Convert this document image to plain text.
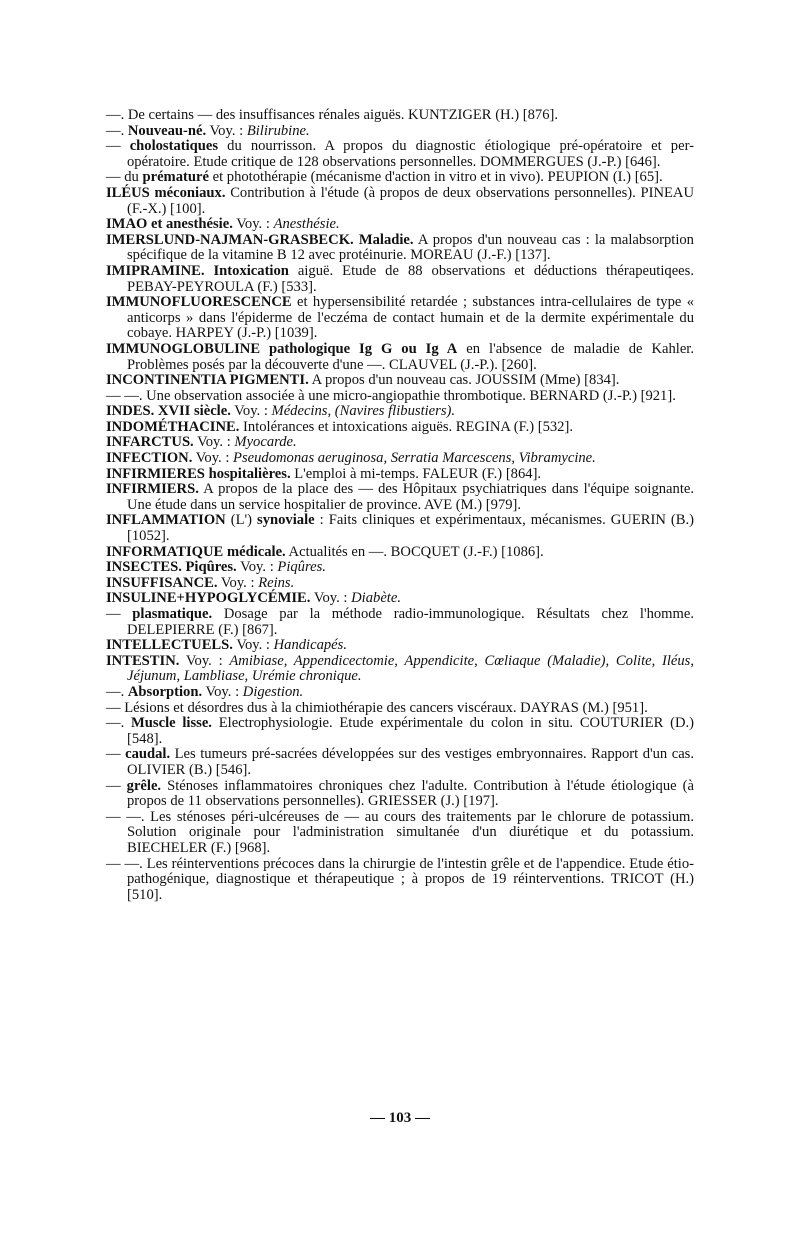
—. De certains — des insuffisances rénales aiguës. KUNTZIGER (H.) [876].

—. Nouveau-né. Voy. : Bilirubine.

— cholostatiques du nourrisson. A propos du diagnostic étiologique pré-opératoire et per-opératoire. Etude critique de 128 observations personnelles. DOMMERGUES (J.-P.) [646].

— du prématuré et photothérapie (mécanisme d'action in vitro et in vivo). PEUPION (I.) [65].

ILÉUS méconiaux. Contribution à l'étude (à propos de deux observations personnelles). PINEAU (F.-X.) [100].

IMAO et anesthésie. Voy. : Anesthésie.

IMERSLUND-NAJMAN-GRASBECK. Maladie. A propos d'un nouveau cas : la malabsorption spécifique de la vitamine B 12 avec protéinurie. MOREAU (J.-F.) [137].

IMIPRAMINE. Intoxication aiguë. Etude de 88 observations et déductions thérapeutiqees. PEBAY-PEYROULA (F.) [533].

IMMUNOFLUORESCENCE et hypersensibilité retardée ; substances intra-cellulaires de type « anticorps » dans l'épiderme de l'eczéma de contact humain et de la dermite expérimentale du cobaye. HARPEY (J.-P.) [1039].

IMMUNOGLOBULINE pathologique Ig G ou Ig A en l'absence de maladie de Kahler. Problèmes posés par la découverte d'une —. CLAUVEL (J.-P.). [260].

INCONTINENTIA PIGMENTI. A propos d'un nouveau cas. JOUSSIM (Mme) [834].

— —. Une observation associée à une micro-angiopathie thrombotique. BERNARD (J.-P.) [921].

INDES. XVII siècle. Voy. : Médecins, (Navires flibustiers).

INDOMÉTHACINE. Intolérances et intoxications aiguës. REGINA (F.) [532].

INFARCTUS. Voy. : Myocarde.

INFECTION. Voy. : Pseudomonas aeruginosa, Serratia Marcescens, Vibramycine.

INFIRMIERES hospitalières. L'emploi à mi-temps. FALEUR (F.) [864].

INFIRMIERS. A propos de la place des — des Hôpitaux psychiatriques dans l'équipe soignante. Une étude dans un service hospitalier de province. AVE (M.) [979].

INFLAMMATION (L') synoviale : Faits cliniques et expérimentaux, mécanismes. GUERIN (B.) [1052].

INFORMATIQUE médicale. Actualités en —. BOCQUET (J.-F.) [1086].

INSECTES. Piqûres. Voy. : Piqûres.

INSUFFISANCE. Voy. : Reins.

INSULINE+HYPOGLYCÉMIE. Voy. : Diabète.

— plasmatique. Dosage par la méthode radio-immunologique. Résultats chez l'homme. DELEPIERRE (F.) [867].

INTELLECTUELS. Voy. : Handicapés.

INTESTIN. Voy. : Amibiase, Appendicectomie, Appendicite, Cœliaque (Maladie), Colite, Iléus, Jéjunum, Lambliase, Urémie chronique.

—. Absorption. Voy. : Digestion.

— Lésions et désordres dus à la chimiothérapie des cancers viscéraux. DAYRAS (M.) [951].

—. Muscle lisse. Electrophysiologie. Etude expérimentale du colon in situ. COUTURIER (D.) [548].

— caudal. Les tumeurs pré-sacrées développées sur des vestiges embryonnaires. Rapport d'un cas. OLIVIER (B.) [546].

— grêle. Sténoses inflammatoires chroniques chez l'adulte. Contribution à l'étude étiologique (à propos de 11 observations personnelles). GRIESSER (J.) [197].

— —. Les sténoses péri-ulcéreuses de — au cours des traitements par le chlorure de potassium. Solution originale pour l'administration simultanée d'un diurétique et du potassium. BIECHELER (F.) [968].

— —. Les réinterventions précoces dans la chirurgie de l'intestin grêle et de l'appendice. Etude étio-pathogénique, diagnostique et thérapeutique ; à propos de 19 réinterventions. TRICOT (H.) [510].

— 103 —
